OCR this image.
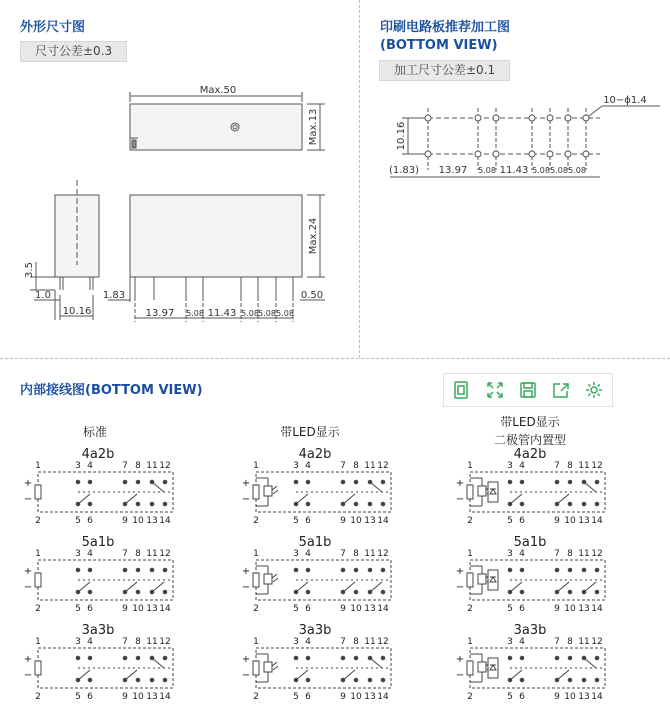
外形尺寸图
尺寸公差±0.3
Max.50
Max.13
Max.24
3.5
1.0
10.16
1.83	0.50
13.97 5.08 11.43 5.08 5.08 5.08
印刷电路板推荐加工图
(BOTTOM VIEW)
加工尺寸公差±0.1
10−ϕ1.4
10.16
(1.83) 13.97 5.08 11.43 5.08 5.08 5.08
内部接线图(BOTTOM VIEW)
标准	带LED显示
带LED显示
二极管内置型
4a2b	4a2b	4a2b
5a1b	5a1b	5a1b
3a3b	3a3b	3a3b
1	3 4	7 8 11 12
2	5 6	9 10 13 14
+
−
1	3 4	7 8 11 12
2	5 6	9 10 13 14
+
−
1	3 4	7 8 11 12
2	5 6	9 10 13 14
+
−
1	3 4	7 8 11 12
2	5 6	9 10 13 14
+
−
1	3 4	7 8 11 12
2	5 6	9 10 13 14
+
−
1	3 4	7 8 11 12
2	5 6	9 10 13 14
+
−
1	3 4	7 8 11 12
2	5 6	9 10 13 14
+
−
1	3 4	7 8 11 12
2	5 6	9 10 13 14
+
−
1	3 4	7 8 11 12
2	5 6	9 10 13 14
+
−
